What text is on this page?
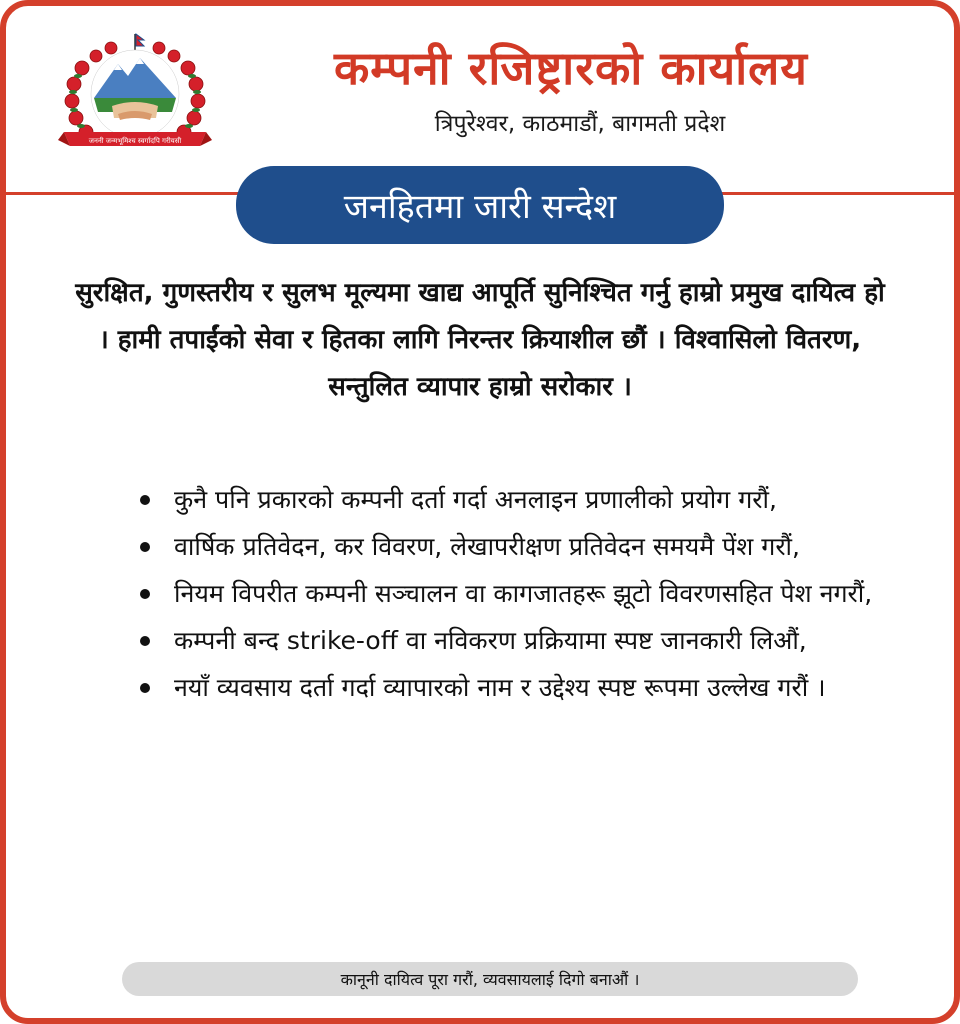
जननी जन्मभूमिश्च स्वर्गादपि गरीयसी
कम्पनी रजिष्ट्रारको कार्यालय
त्रिपुरेश्वर, काठमाडौं, बागमती प्रदेश
जनहितमा जारी सन्देश
सुरक्षित, गुणस्तरीय र सुलभ मूल्यमा खाद्य आपूर्ति सुनिश्चित गर्नु हाम्रो प्रमुख दायित्व हो । हामी तपाईंको सेवा र हितका लागि निरन्तर क्रियाशील छौं । विश्वासिलो वितरण, सन्तुलित व्यापार हाम्रो सरोकार ।
कुनै पनि प्रकारको कम्पनी दर्ता गर्दा अनलाइन प्रणालीको प्रयोग गरौं,
वार्षिक प्रतिवेदन, कर विवरण, लेखापरीक्षण प्रतिवेदन समयमै पेंश गरौं,
नियम विपरीत कम्पनी सञ्चालन वा कागजातहरू झूटो विवरणसहित पेश नगरौं,
कम्पनी बन्द strike-off वा नविकरण प्रक्रियामा स्पष्ट जानकारी लिऔं,
नयाँ व्यवसाय दर्ता गर्दा व्यापारको नाम र उद्देश्य स्पष्ट रूपमा उल्लेख गरौं ।
कानूनी दायित्व पूरा गरौं, व्यवसायलाई दिगो बनाऔं ।
